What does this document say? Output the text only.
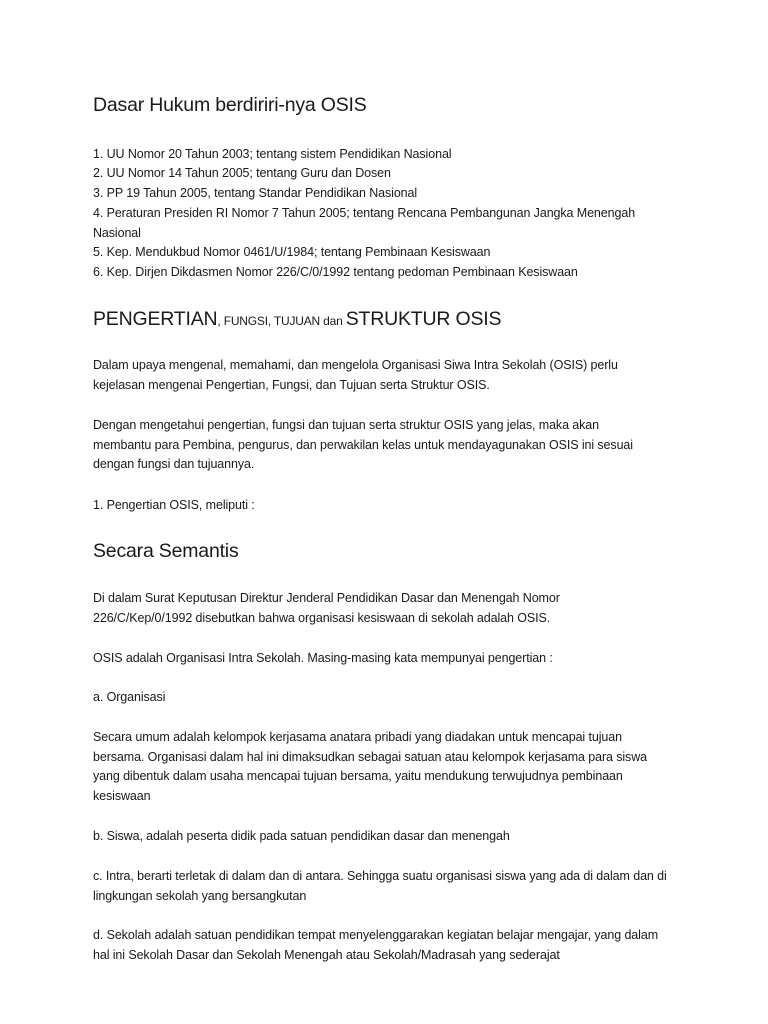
Dasar Hukum berdiriri-nya OSIS
1. UU Nomor 20 Tahun 2003; tentang sistem Pendidikan Nasional
2. UU Nomor 14 Tahun 2005; tentang Guru dan Dosen
3. PP 19 Tahun 2005, tentang Standar Pendidikan Nasional
4. Peraturan Presiden RI Nomor 7 Tahun 2005; tentang Rencana Pembangunan Jangka Menengah Nasional
5. Kep. Mendukbud Nomor 0461/U/1984; tentang Pembinaan Kesiswaan
6. Kep. Dirjen Dikdasmen Nomor 226/C/0/1992 tentang pedoman Pembinaan Kesiswaan
PENGERTIAN, FUNGSI, TUJUAN dan STRUKTUR OSIS

Dalam upaya mengenal, memahami, dan mengelola Organisasi Siwa Intra Sekolah (OSIS) perlu kejelasan mengenai Pengertian, Fungsi, dan Tujuan serta Struktur OSIS.

Dengan mengetahui pengertian, fungsi dan tujuan serta struktur OSIS yang jelas, maka akan membantu para Pembina, pengurus, dan perwakilan kelas untuk mendayagunakan OSIS ini sesuai dengan fungsi dan tujuannya.

1. Pengertian OSIS, meliputi :

Secara Semantis

Di dalam Surat Keputusan Direktur Jenderal Pendidikan Dasar dan Menengah Nomor 226/C/Kep/0/1992 disebutkan bahwa organisasi kesiswaan di sekolah adalah OSIS.

OSIS adalah Organisasi Intra Sekolah. Masing-masing kata mempunyai pengertian :

a. Organisasi

Secara umum adalah kelompok kerjasama anatara pribadi yang diadakan untuk mencapai tujuan bersama. Organisasi dalam hal ini dimaksudkan sebagai satuan atau kelompok kerjasama para siswa yang dibentuk dalam usaha mencapai tujuan bersama, yaitu mendukung terwujudnya pembinaan kesiswaan

b. Siswa, adalah peserta didik pada satuan pendidikan dasar dan menengah

c. Intra, berarti terletak di dalam dan di antara. Sehingga suatu organisasi siswa yang ada di dalam dan di lingkungan sekolah yang bersangkutan

d. Sekolah adalah satuan pendidikan tempat menyelenggarakan kegiatan belajar mengajar, yang dalam hal ini Sekolah Dasar dan Sekolah Menengah atau Sekolah/Madrasah yang sederajat
